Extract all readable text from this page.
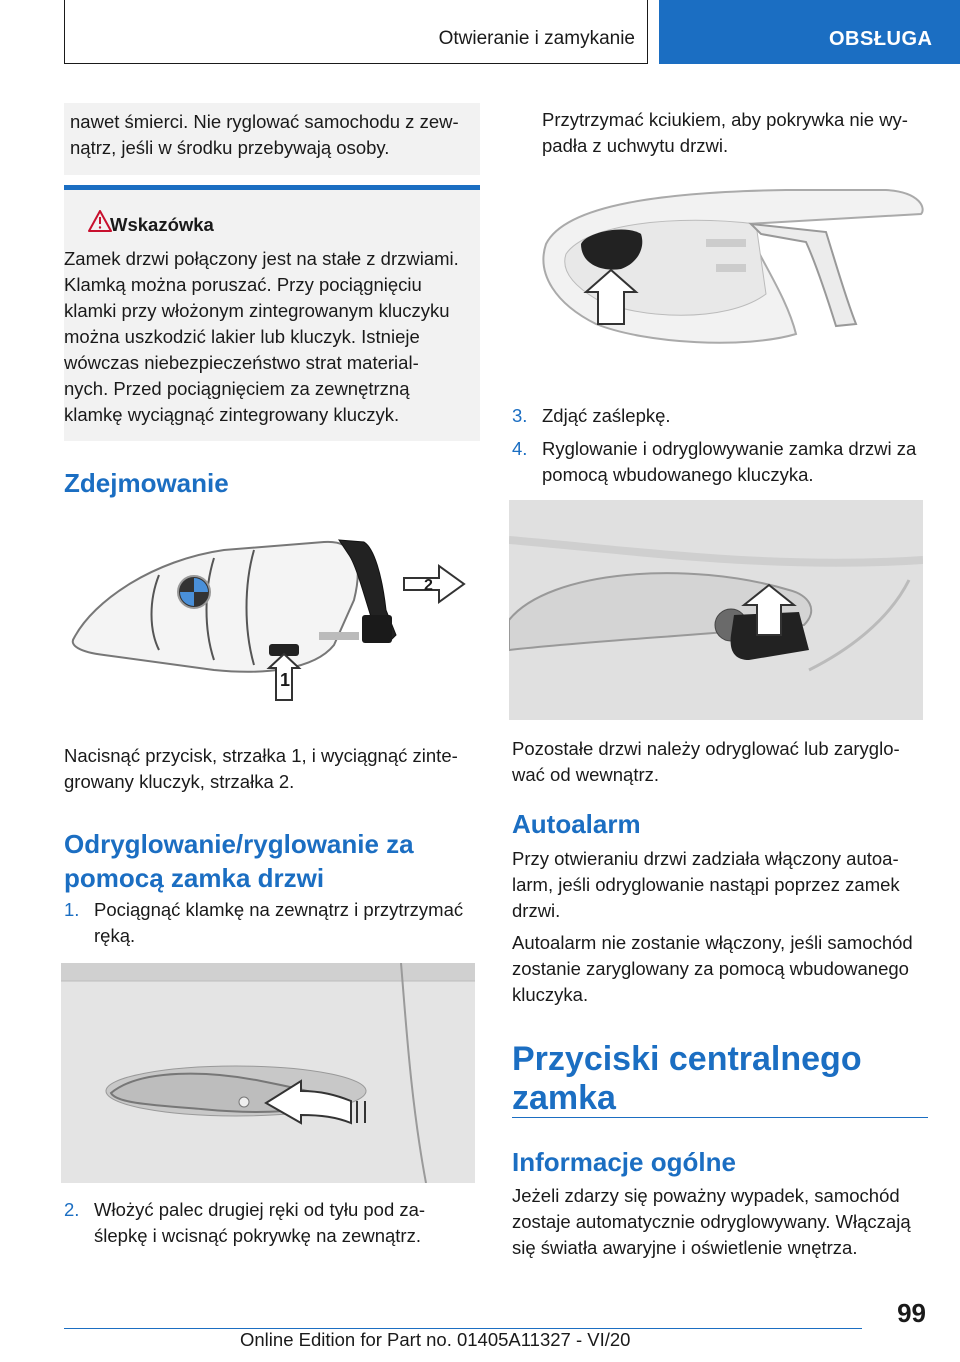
Otwieranie i zamykanie	OBSŁUGA
nawet śmierci. Nie ryglować samochodu z zew-
nątrz, jeśli w środku przebywają osoby.
Wskazówka
Zamek drzwi połączony jest na stałe z drzwiami.
Klamką można poruszać. Przy pociągnięciu
klamki przy włożonym zintegrowanym kluczyku
można uszkodzić lakier lub kluczyk. Istnieje
wówczas niebezpieczeństwo strat material-
nych. Przed pociągnięciem za zewnętrzną
klamkę wyciągnąć zintegrowany kluczyk.
Zdejmowanie
1
2
Nacisnąć przycisk, strzałka 1, i wyciągnąć zinte-
growany kluczyk, strzałka 2.
Odryglowanie/ryglowanie za
pomocą zamka drzwi
1. Pociągnąć klamkę na zewnątrz i przytrzymać
ręką.
2. Włożyć palec drugiej ręki od tyłu pod za-
ślepkę i wcisnąć pokrywkę na zewnątrz.
Przytrzymać kciukiem, aby pokrywka nie wy-
padła z uchwytu drzwi.
3. Zdjąć zaślepkę.
4. Ryglowanie i odryglowywanie zamka drzwi za
pomocą wbudowanego kluczyka.
Pozostałe drzwi należy odryglować lub zaryglo-
wać od wewnątrz.
Autoalarm
Przy otwieraniu drzwi zadziała włączony autoa-
larm, jeśli odryglowanie nastąpi poprzez zamek
drzwi.
Autoalarm nie zostanie włączony, jeśli samochód
zostanie zaryglowany za pomocą wbudowanego
kluczyka.
Przyciski centralnego
zamka
Informacje ogólne
Jeżeli zdarzy się poważny wypadek, samochód
zostaje automatycznie odryglowywany. Włączają
się światła awaryjne i oświetlenie wnętrza.
99
Online Edition for Part no. 01405A11327 - VI/20
